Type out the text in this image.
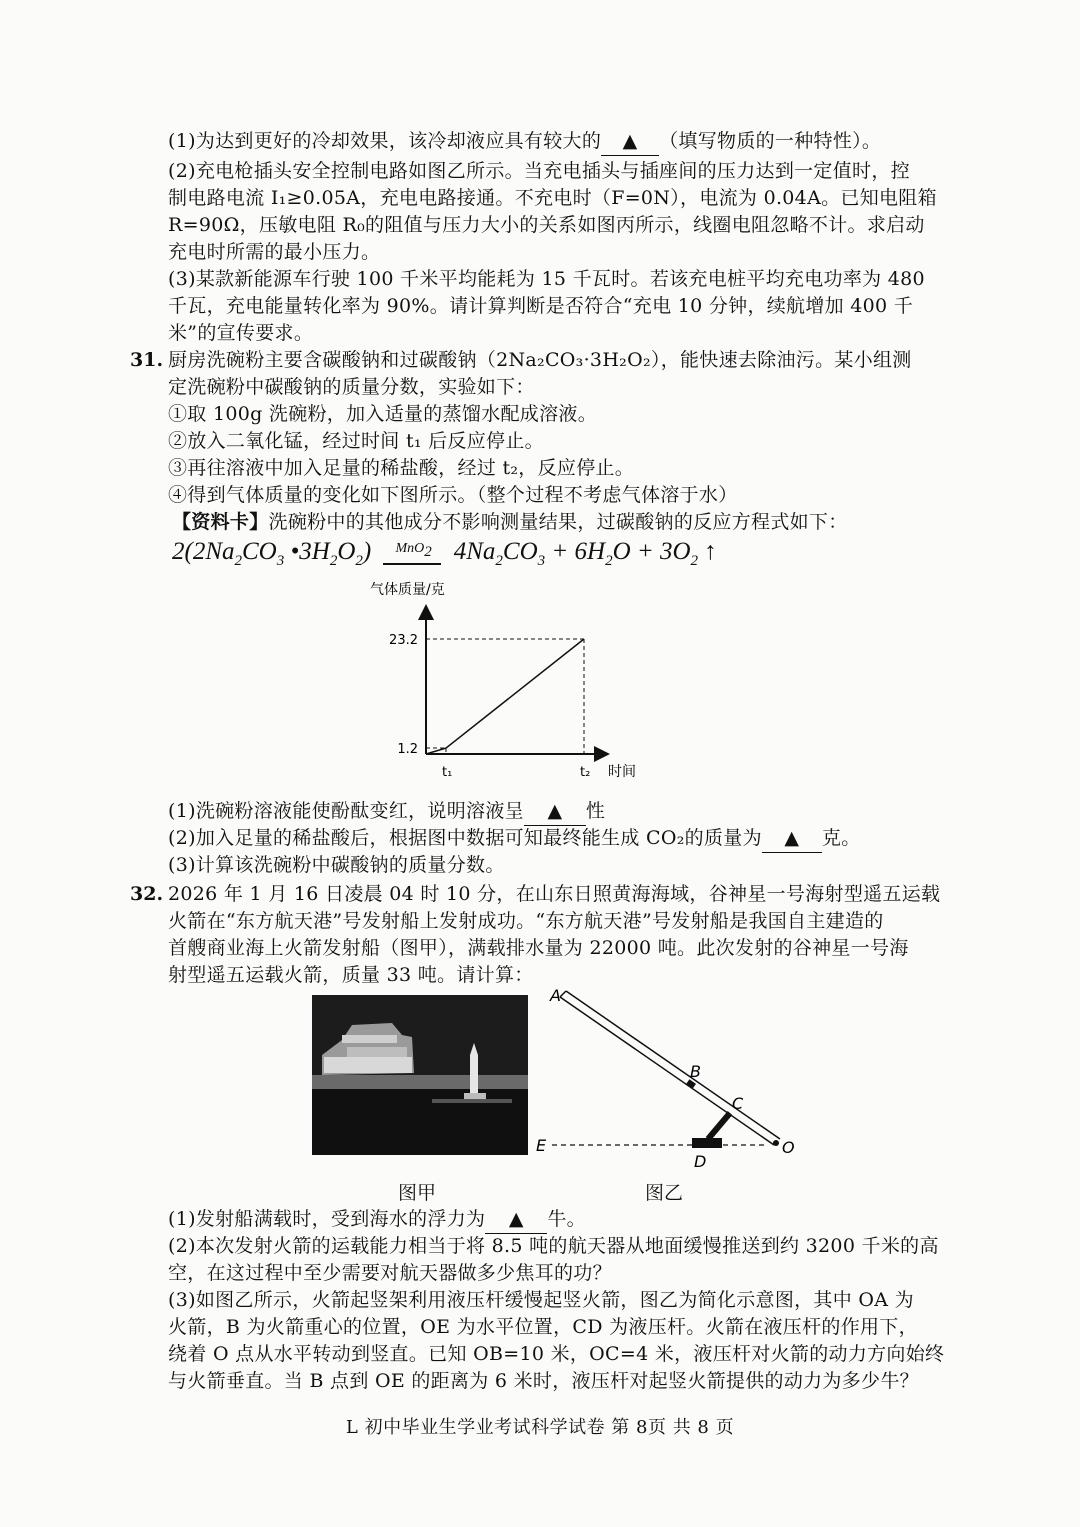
(1)为达到更好的冷却效果，该冷却液应具有较大的 ▲ （填写物质的一种特性）。
(2)充电枪插头安全控制电路如图乙所示。当充电插头与插座间的压力达到一定值时，控
制电路电流 I₁≥0.05A，充电电路接通。不充电时（F=0N），电流为 0.04A。已知电阻箱
R=90Ω，压敏电阻 R₀的阻值与压力大小的关系如图丙所示，线圈电阻忽略不计。求启动
充电时所需的最小压力。
(3)某款新能源车行驶 100 千米平均能耗为 15 千瓦时。若该充电桩平均充电功率为 480
千瓦，充电能量转化率为 90%。请计算判断是否符合“充电 10 分钟，续航增加 400 千
米”的宣传要求。
31. 厨房洗碗粉主要含碳酸钠和过碳酸钠（2Na₂CO₃·3H₂O₂），能快速去除油污。某小组测
定洗碗粉中碳酸钠的质量分数，实验如下：
①取 100g 洗碗粉，加入适量的蒸馏水配成溶液。
②放入二氧化锰，经过时间 t₁ 后反应停止。
③再往溶液中加入足量的稀盐酸，经过 t₂，反应停止。
④得到气体质量的变化如下图所示。（整个过程不考虑气体溶于水）
【资料卡】洗碗粉中的其他成分不影响测量结果，过碳酸钠的反应方程式如下：
$2(2Na_2CO_3$ $•3H_2O_2$) MnO$_2$ $4Na_2CO_3 + 6H_2O + 3O_2$ ↑
气体质量/克
时间
1.2
23.2
t₁	t₂
(1)洗碗粉溶液能使酚酞变红，说明溶液呈 ▲ 性
(2)加入足量的稀盐酸后，根据图中数据可知最终能生成 CO₂的质量为 ▲ 克。
(3)计算该洗碗粉中碳酸钠的质量分数。
32. 2026 年 1 月 16 日凌晨 04 时 10 分，在山东日照黄海海域，谷神星一号海射型遥五运载
火箭在“东方航天港”号发射船上发射成功。“东方航天港”号发射船是我国自主建造的
首艘商业海上火箭发射船（图甲），满载排水量为 22000 吨。此次发射的谷神星一号海
射型遥五运载火箭，质量 33 吨。请计算：
图甲
A
B
C
D
E	O
图乙
(1)发射船满载时，受到海水的浮力为 ▲ 牛。
(2)本次发射火箭的运载能力相当于将 8.5 吨的航天器从地面缓慢推送到约 3200 千米的高
空，在这过程中至少需要对航天器做多少焦耳的功？
(3)如图乙所示，火箭起竖架利用液压杆缓慢起竖火箭，图乙为简化示意图，其中 OA 为
火箭，B 为火箭重心的位置，OE 为水平位置，CD 为液压杆。火箭在液压杆的作用下，
绕着 O 点从水平转动到竖直。已知 OB=10 米，OC=4 米，液压杆对火箭的动力方向始终
与火箭垂直。当 B 点到 OE 的距离为 6 米时，液压杆对起竖火箭提供的动力为多少牛？
L 初中毕业生学业考试科学试卷 第 8页 共 8 页
